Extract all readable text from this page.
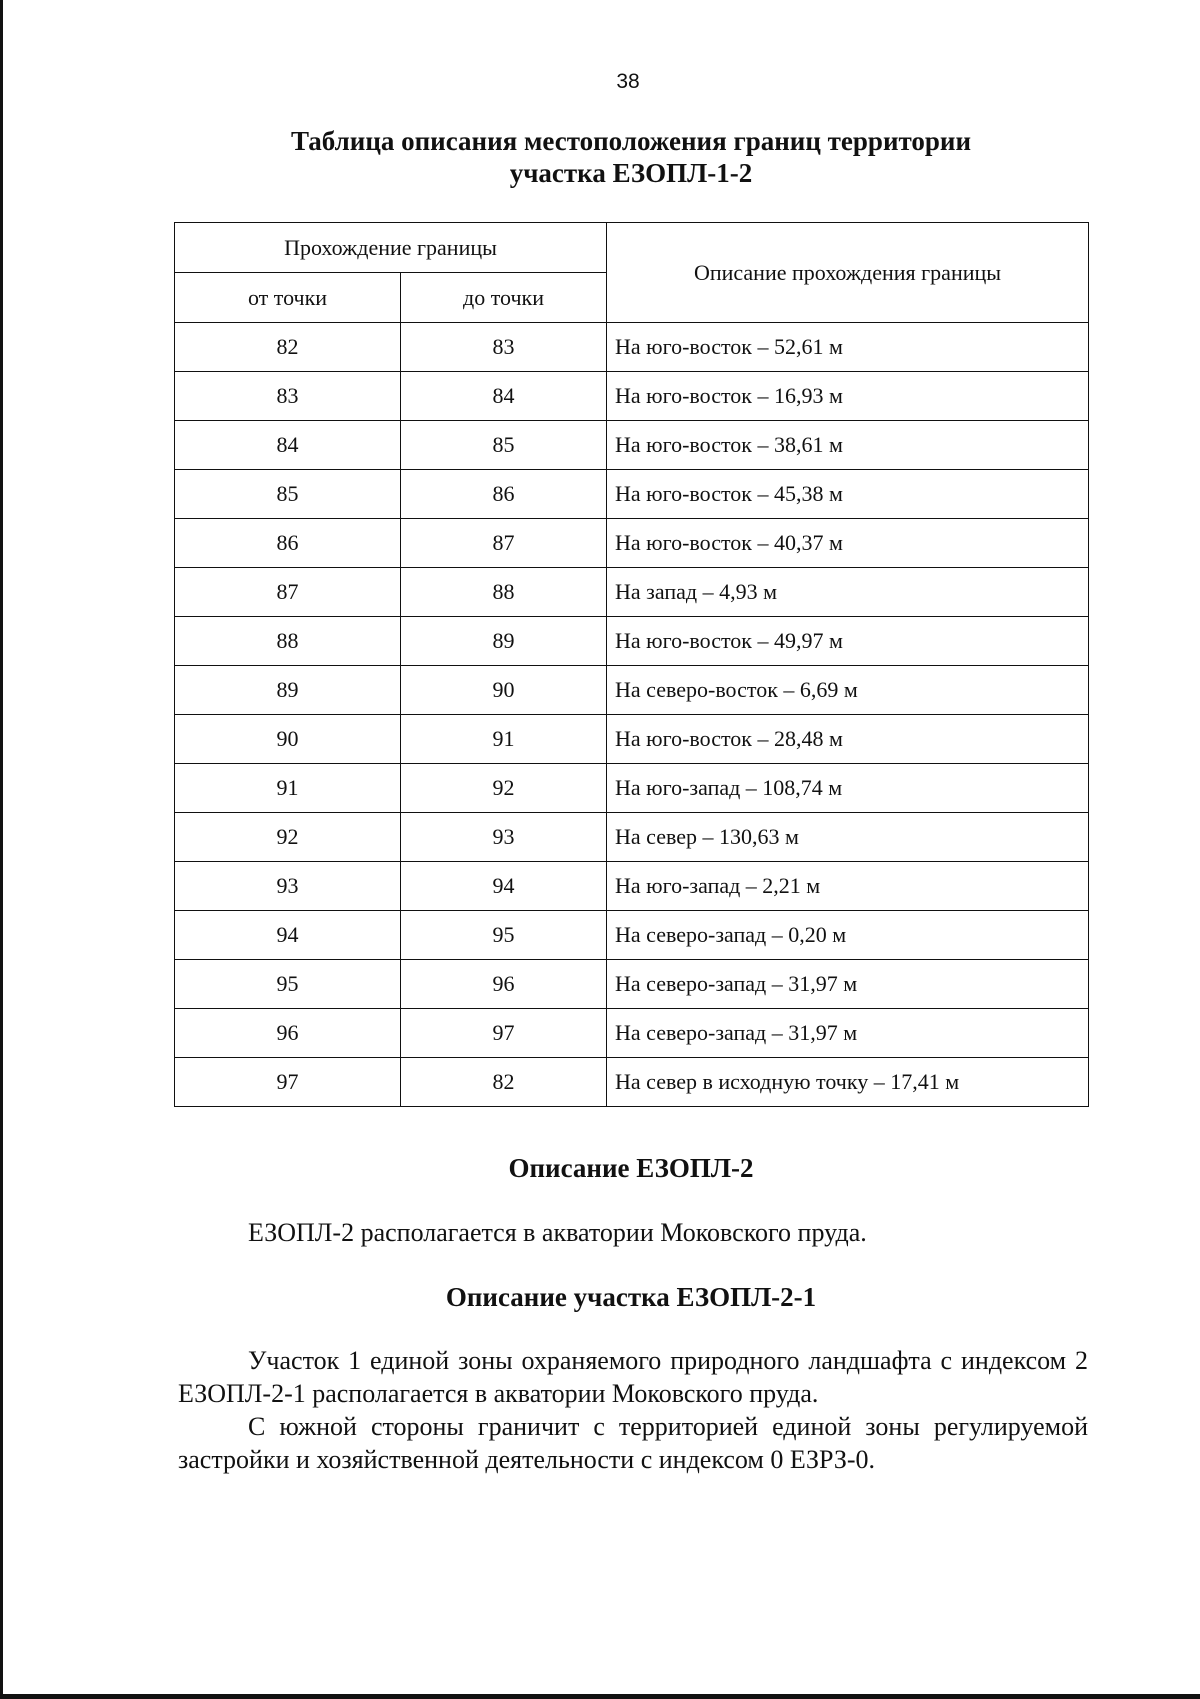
38
Таблица описания местоположения границ территории
участка ЕЗОПЛ-1-2
Прохождение границы		Описание прохождения границы
от точки	до точки	
82	83	На юго-восток – 52,61 м
83	84	На юго-восток – 16,93 м
84	85	На юго-восток – 38,61 м
85	86	На юго-восток – 45,38 м
86	87	На юго-восток – 40,37 м
87	88	На запад – 4,93 м
88	89	На юго-восток – 49,97 м
89	90	На северо-восток – 6,69 м
90	91	На юго-восток – 28,48 м
91	92	На юго-запад – 108,74 м
92	93	На север – 130,63 м
93	94	На юго-запад – 2,21 м
94	95	На северо-запад – 0,20 м
95	96	На северо-запад – 31,97 м
96	97	На северо-запад – 31,97 м
97	82	На север в исходную точку – 17,41 м
Описание ЕЗОПЛ-2

ЕЗОПЛ-2 располагается в акватории Моковского пруда.

Описание участка ЕЗОПЛ-2-1

Участок 1 единой зоны охраняемого природного ландшафта с индексом 2 ЕЗОПЛ-2-1 располагается в акватории Моковского пруда.

С южной стороны граничит с территорией единой зоны регулируемой застройки и хозяйственной деятельности с индексом 0 ЕЗРЗ-0.
